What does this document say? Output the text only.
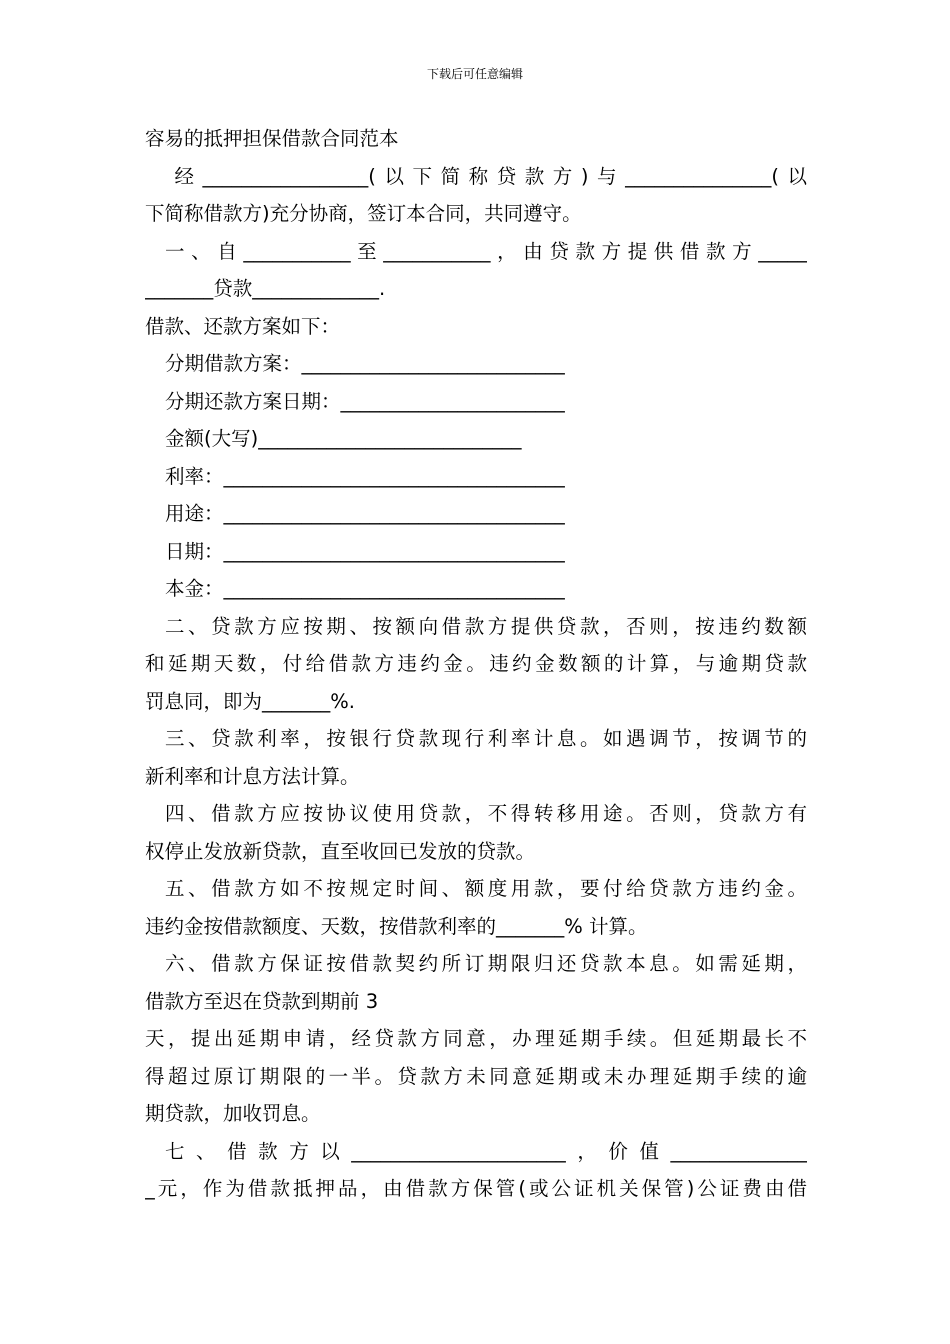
下载后可任意编辑

容易的抵押担保借款合同范本

经_________________(以下简称贷款方)与_______________(以

下简称借款方)充分协商，签订本合同，共同遵守。

一、自___________至___________，由贷款方提供借款方_____

_______贷款_____________.

借款、还款方案如下：

分期借款方案：___________________________

分期还款方案日期：_______________________

金额(大写)___________________________

利率：___________________________________

用途：___________________________________

日期：___________________________________

本金：___________________________________

二、贷款方应按期、按额向借款方提供贷款，否则，按违约数额

和延期天数，付给借款方违约金。违约金数额的计算，与逾期贷款

罚息同，即为_______%.

三、贷款利率，按银行贷款现行利率计息。如遇调节，按调节的

新利率和计息方法计算。

四、借款方应按协议使用贷款，不得转移用途。否则，贷款方有

权停止发放新贷款，直至收回已发放的贷款。

五、借款方如不按规定时间、额度用款，要付给贷款方违约金。

违约金按借款额度、天数，按借款利率的_______% 计算。

六、借款方保证按借款契约所订期限归还贷款本息。如需延期，

借款方至迟在贷款到期前 3

天，提出延期申请，经贷款方同意，办理延期手续。但延期最长不

得超过原订期限的一半。贷款方未同意延期或未办理延期手续的逾

期贷款，加收罚息。

七、借款方以______________________，价值______________

_元，作为借款抵押品，由借款方保管(或公证机关保管)公证费由借
